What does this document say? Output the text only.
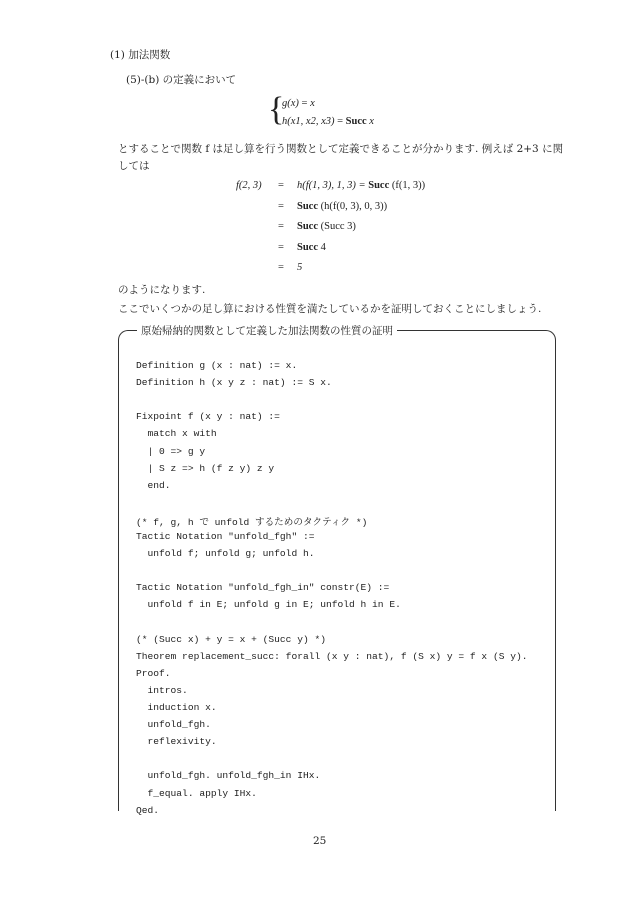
(1) 加法関数
(5)-(b) の定義において
{
g(x) = x
h(x1, x2, x3) = Succ x
とすることで関数 f は足し算を行う関数として定義できることが分かります. 例えば 2+3 に関
しては
f(2, 3) = h(f(1, 3), 1, 3) = Succ (f(1, 3))
= Succ (h(f(0, 3), 0, 3))
= Succ (Succ 3)
= Succ 4
= 5
のようになります.
ここでいくつかの足し算における性質を満たしているかを証明しておくことにしましょう.
原始帰納的関数として定義した加法関数の性質の証明
Definition g (x : nat) := x.
Definition h (x y z : nat) := S x.
Fixpoint f (x y : nat) :=
match x with
| 0 => g y
| S z => h (f z y) z y
end.
(* f, g, h で unfold するためのタクティク *)
Tactic Notation "unfold_fgh" :=
unfold f; unfold g; unfold h.
Tactic Notation "unfold_fgh_in" constr(E) :=
unfold f in E; unfold g in E; unfold h in E.
(* (Succ x) + y = x + (Succ y) *)
Theorem replacement_succ: forall (x y : nat), f (S x) y = f x (S y).
Proof.
intros.
induction x.
unfold_fgh.
reflexivity.
unfold_fgh. unfold_fgh_in IHx.
f_equal. apply IHx.
Qed.
25
